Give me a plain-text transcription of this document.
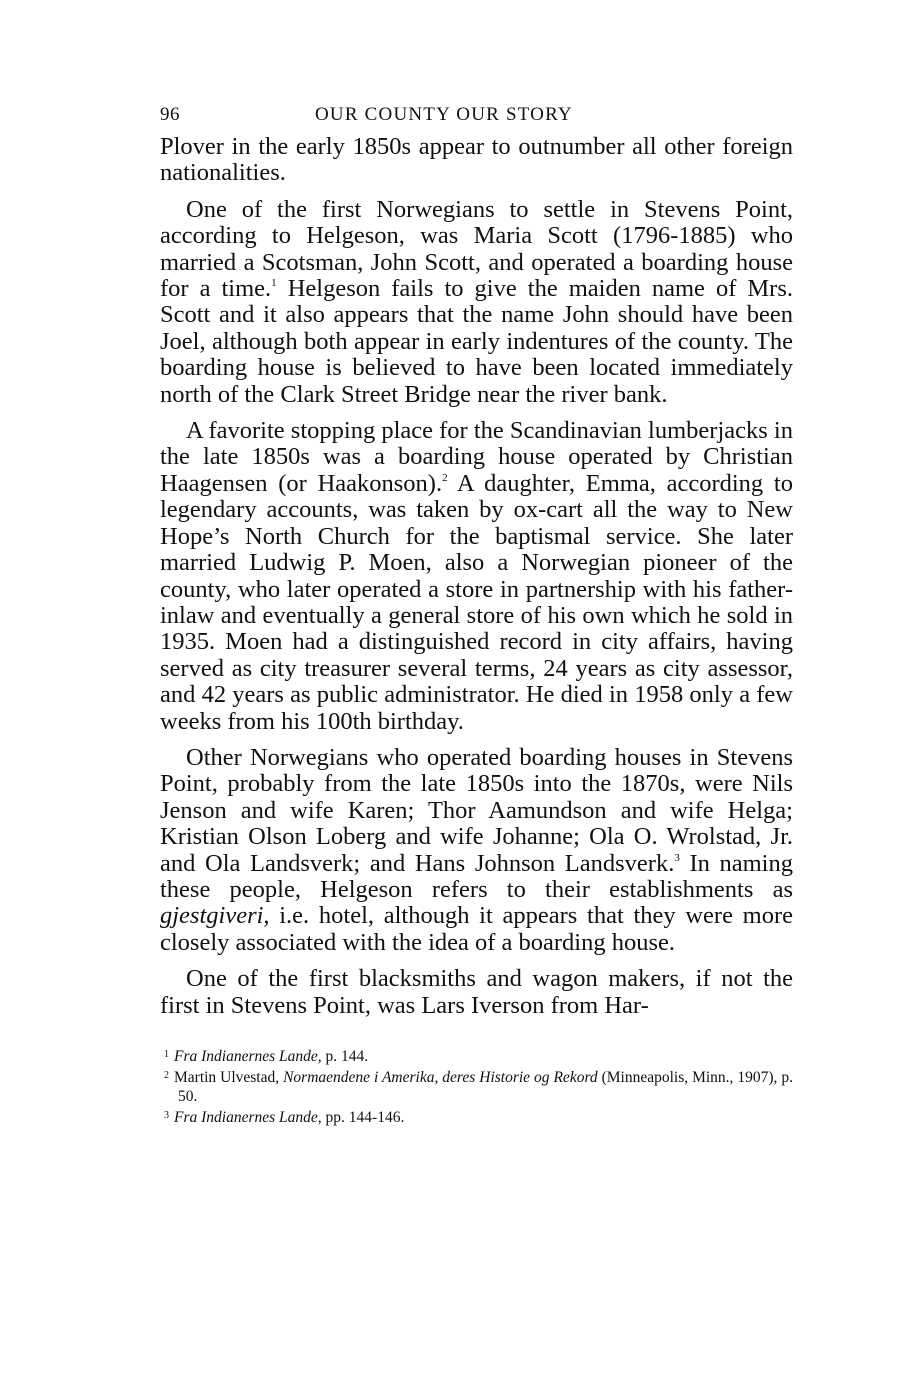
96	OUR COUNTY OUR STORY

Plover in the early 1850s appear to outnumber all other foreign nationalities.

One of the first Norwegians to settle in Stevens Point, according to Helgeson, was Maria Scott (1796-1885) who married a Scotsman, John Scott, and operated a boarding house for a time.$^1$ Helgeson fails to give the maiden name of Mrs. Scott and it also appears that the name John should have been Joel, although both appear in early indentures of the county. The boarding house is believed to have been located immediately north of the Clark Street Bridge near the river bank.

A favorite stopping place for the Scandinavian lumberjacks in the late 1850s was a boarding house operated by Christian Haagensen (or Haakonson).$^2$ A daughter, Emma, according to legendary accounts, was taken by ox-cart all the way to New Hope’s North Church for the baptismal service. She later married Ludwig P. Moen, also a Norwegian pioneer of the county, who later operated a store in partnership with his father-inlaw and eventually a general store of his own which he sold in 1935. Moen had a distinguished record in city affairs, having served as city treasurer several terms, 24 years as city assessor, and 42 years as public administrator. He died in 1958 only a few weeks from his 100th birthday.

Other Norwegians who operated boarding houses in Stevens Point, probably from the late 1850s into the 1870s, were Nils Jenson and wife Karen; Thor Aamundson and wife Helga; Kristian Olson Loberg and wife Johanne; Ola O. Wrolstad, Jr. and Ola Landsverk; and Hans Johnson Landsverk.$^3$ In naming these people, Helgeson refers to their establishments as gjestgiveri, i.e. hotel, although it appears that they were more closely associated with the idea of a boarding house.

One of the first blacksmiths and wagon makers, if not the first in Stevens Point, was Lars Iverson from Har-

1 Fra Indianernes Lande, p. 144.

2 Martin Ulvestad, Normaendene i Amerika, deres Historie og Rekord (Minneapolis, Minn., 1907), p. 50.

3 Fra Indianernes Lande, pp. 144-146.
